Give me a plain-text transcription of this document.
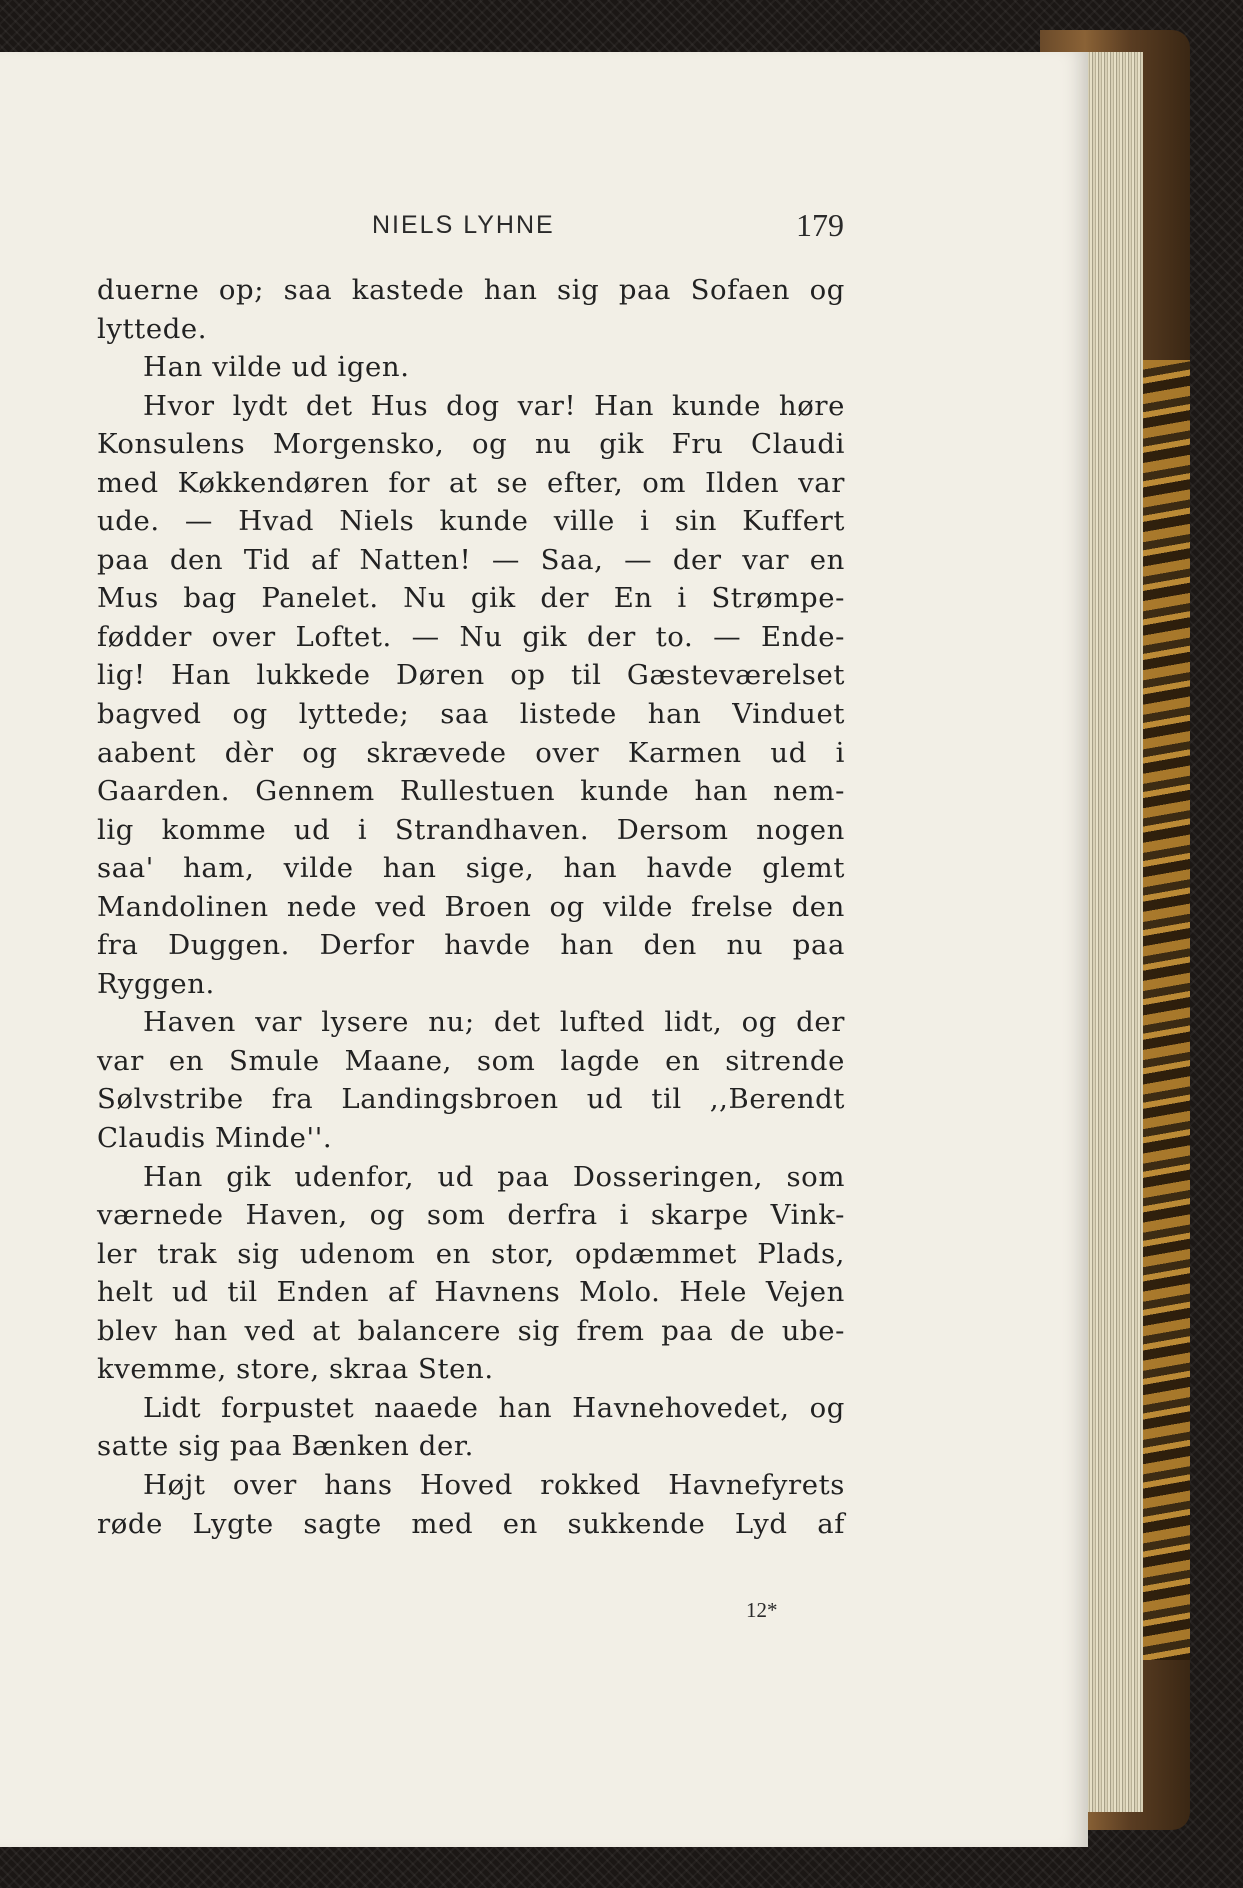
NIELS LYHNE	179
duerne op; saa kastede han sig paa Sofaen og
lyttede.
Han vilde ud igen.
Hvor lydt det Hus dog var! Han kunde høre
Konsulens Morgensko, og nu gik Fru Claudi
med Køkkendøren for at se efter, om Ilden var
ude. — Hvad Niels kunde ville i sin Kuffert
paa den Tid af Natten! — Saa, — der var en
Mus bag Panelet. Nu gik der En i Strømpe-
fødder over Loftet. — Nu gik der to. — Ende-
lig! Han lukkede Døren op til Gæsteværelset
bagved og lyttede; saa listede han Vinduet
aabent dèr og skrævede over Karmen ud i
Gaarden. Gennem Rullestuen kunde han nem-
lig komme ud i Strandhaven. Dersom nogen
saa' ham, vilde han sige, han havde glemt
Mandolinen nede ved Broen og vilde frelse den
fra Duggen. Derfor havde han den nu paa
Ryggen.
Haven var lysere nu; det lufted lidt, og der
var en Smule Maane, som lagde en sitrende
Sølvstribe fra Landingsbroen ud til ,,Berendt
Claudis Minde''.
Han gik udenfor, ud paa Dosseringen, som
værnede Haven, og som derfra i skarpe Vink-
ler trak sig udenom en stor, opdæmmet Plads,
helt ud til Enden af Havnens Molo. Hele Vejen
blev han ved at balancere sig frem paa de ube-
kvemme, store, skraa Sten.
Lidt forpustet naaede han Havnehovedet, og
satte sig paa Bænken der.
Højt over hans Hoved rokked Havnefyrets
røde Lygte sagte med en sukkende Lyd af
12*
